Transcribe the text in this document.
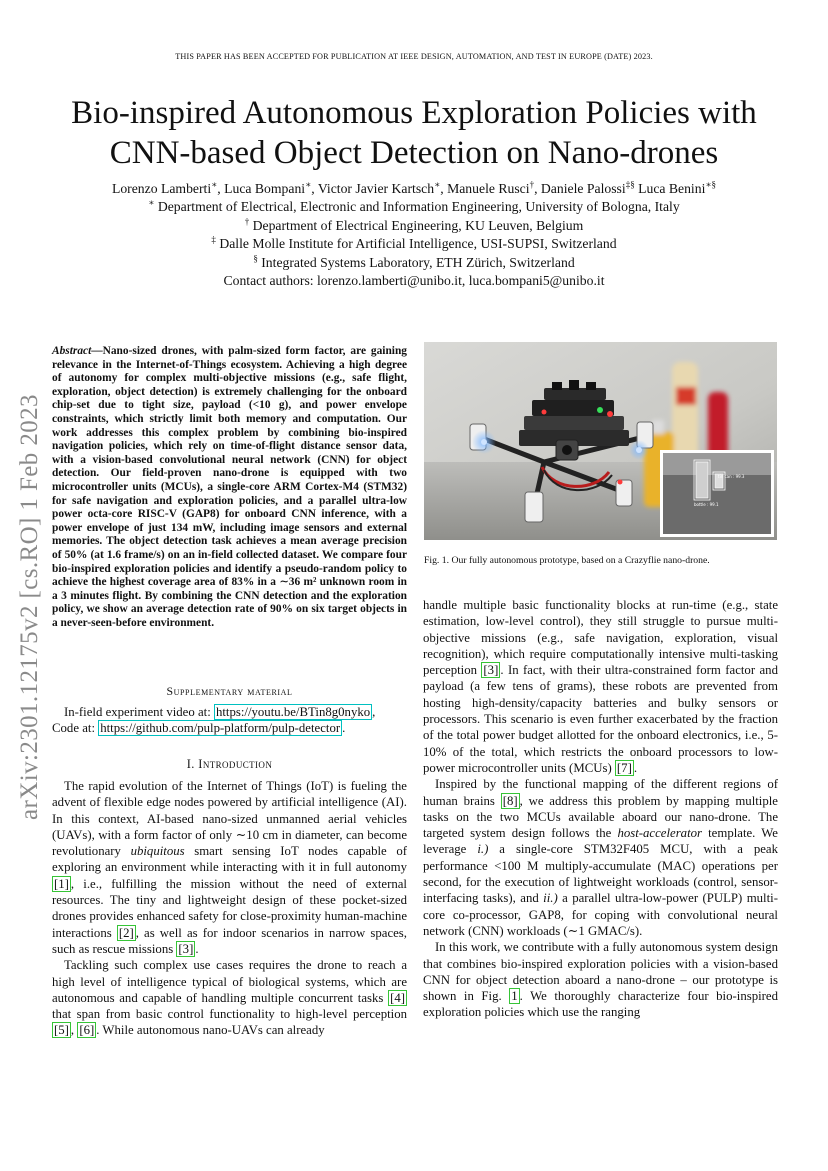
THIS PAPER HAS BEEN ACCEPTED FOR PUBLICATION AT IEEE DESIGN, AUTOMATION, AND TEST IN EUROPE (DATE) 2023.
Bio-inspired Autonomous Exploration Policies with
CNN-based Object Detection on Nano-drones
Lorenzo Lamberti∗, Luca Bompani∗, Victor Javier Kartsch∗, Manuele Rusci†, Daniele Palossi‡§ Luca Benini∗§
∗ Department of Electrical, Electronic and Information Engineering, University of Bologna, Italy
† Department of Electrical Engineering, KU Leuven, Belgium
‡ Dalle Molle Institute for Artificial Intelligence, USI-SUPSI, Switzerland
§ Integrated Systems Laboratory, ETH Zürich, Switzerland
Contact authors: lorenzo.lamberti@unibo.it, luca.bompani5@unibo.it
arXiv:2301.12175v2 [cs.RO] 1 Feb 2023
Abstract—Nano-sized drones, with palm-sized form factor, are gaining relevance in the Internet-of-Things ecosystem. Achieving a high degree of autonomy for complex multi-objective missions (e.g., safe flight, exploration, object detection) is extremely challenging for the onboard chip-set due to tight size, payload (<10 g), and power envelope constraints, which strictly limit both memory and computation. Our work addresses this complex problem by combining bio-inspired navigation policies, which rely on time-of-flight distance sensor data, with a vision-based convolutional neural network (CNN) for object detection. Our field-proven nano-drone is equipped with two microcontroller units (MCUs), a single-core ARM Cortex-M4 (STM32) for safe navigation and exploration policies, and a parallel ultra-low power octa-core RISC-V (GAP8) for onboard CNN inference, with a power envelope of just 134 mW, including image sensors and external memories. The object detection task achieves a mean average precision of 50% (at 1.6 frame/s) on an in-field collected dataset. We compare four bio-inspired exploration policies and identify a pseudo-random policy to achieve the highest coverage area of 83% in a ∼36 m² unknown room in a 3 minutes flight. By combining the CNN detection and the exploration policy, we show an average detection rate of 90% on six target objects in a never-seen-before environment.
Supplementary material
In-field experiment video at: https://youtu.be/BTin8g0nyko ,
Code at: https://github.com/pulp-platform/pulp-detector .
I. Introduction

The rapid evolution of the Internet of Things (IoT) is fueling the advent of flexible edge nodes powered by artificial intelligence (AI). In this context, AI-based nano-sized unmanned aerial vehicles (UAVs), with a form factor of only ∼10 cm in diameter, can become revolutionary ubiquitous smart sensing IoT nodes capable of exploring an environment while interacting with it in full autonomy [1] , i.e., fulfilling the mission without the need of external resources. The tiny and lightweight design of these pocket-sized drones provides enhanced safety for close-proximity human-machine interactions [2] , as well as for indoor scenarios in narrow spaces, such as rescue missions [3] .

Tackling such complex use cases requires the drone to reach a high level of intelligence typical of biological systems, which are autonomous and capable of handling multiple concurrent tasks [4] that span from basic control functionality to high-level perception [5] , [6] . While autonomous nano-UAVs can already

tin can : 99.3
bottle : 99.1
Fig. 1. Our fully autonomous prototype, based on a Crazyflie nano-drone.

handle multiple basic functionality blocks at run-time (e.g., state estimation, low-level control), they still struggle to pursue multi-objective missions (e.g., safe navigation, exploration, visual recognition), which require computationally intensive multi-tasking perception [3] . In fact, with their ultra-constrained form factor and payload (a few tens of grams), these robots are prevented from hosting high-density/capacity batteries and bulky sensors or processors. This scenario is even further exacerbated by the fraction of the total power budget allotted for the onboard electronics, i.e., 5-10% of the total, which restricts the onboard processors to low-power microcontroller units (MCUs) [7] .

Inspired by the functional mapping of the different regions of human brains [8] , we address this problem by mapping multiple tasks on the two MCUs available aboard our nano-drone. The targeted system design follows the host-accelerator template. We leverage i.) a single-core STM32F405 MCU, with a peak performance <100 M multiply-accumulate (MAC) operations per second, for the execution of lightweight workloads (control, sensor-interfacing tasks), and ii.) a parallel ultra-low-power (PULP) multi-core co-processor, GAP8, for coping with convolutional neural network (CNN) workloads (∼1 GMAC/s).

In this work, we contribute with a fully autonomous system design that combines bio-inspired exploration policies with a vision-based CNN for object detection aboard a nano-drone – our prototype is shown in Fig. 1 . We thoroughly characterize four bio-inspired exploration policies which use the ranging
